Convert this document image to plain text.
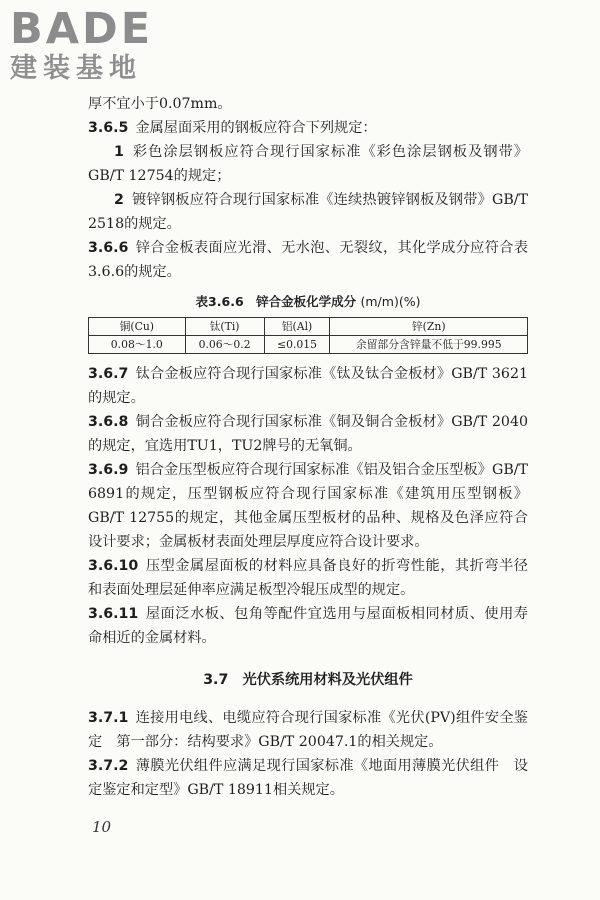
BADE
建装基地

厚不宜小于0.07mm。

3.6.5 金属屋面采用的钢板应符合下列规定：

1 彩色涂层钢板应符合现行国家标准《彩色涂层钢板及钢带》GB/T 12754的规定；

2 镀锌钢板应符合现行国家标准《连续热镀锌钢板及钢带》GB/T 2518的规定。

3.6.6 锌合金板表面应光滑、无水泡、无裂纹，其化学成分应符合表3.6.6的规定。

表3.6.6　锌合金板化学成分 (m/m)(%)
铜(Cu)	钛(Ti)	铝(Al)	锌(Zn)
0.08～1.0	0.06～0.2	≤0.015	余留部分含锌量不低于99.995

3.6.7 钛合金板应符合现行国家标准《钛及钛合金板材》GB/T 3621的规定。

3.6.8 铜合金板应符合现行国家标准《铜及铜合金板材》GB/T 2040的规定，宜选用TU1，TU2牌号的无氧铜。

3.6.9 铝合金压型板应符合现行国家标准《铝及铝合金压型板》GB/T 6891的规定，压型钢板应符合现行国家标准《建筑用压型钢板》GB/T 12755的规定，其他金属压型板材的品种、规格及色泽应符合设计要求；金属板材表面处理层厚度应符合设计要求。

3.6.10 压型金属屋面板的材料应具备良好的折弯性能，其折弯半径和表面处理层延伸率应满足板型冷辊压成型的规定。

3.6.11 屋面泛水板、包角等配件宜选用与屋面板相同材质、使用寿命相近的金属材料。

3.7　 光伏系统用材料及光伏组件

3.7.1 连接用电线、电缆应符合现行国家标准《光伏(PV)组件安全鉴定　第一部分：结构要求》GB/T 20047.1的相关规定。

3.7.2 薄膜光伏组件应满足现行国家标准《地面用薄膜光伏组件　设定鉴定和定型》GB/T 18911相关规定。

10
